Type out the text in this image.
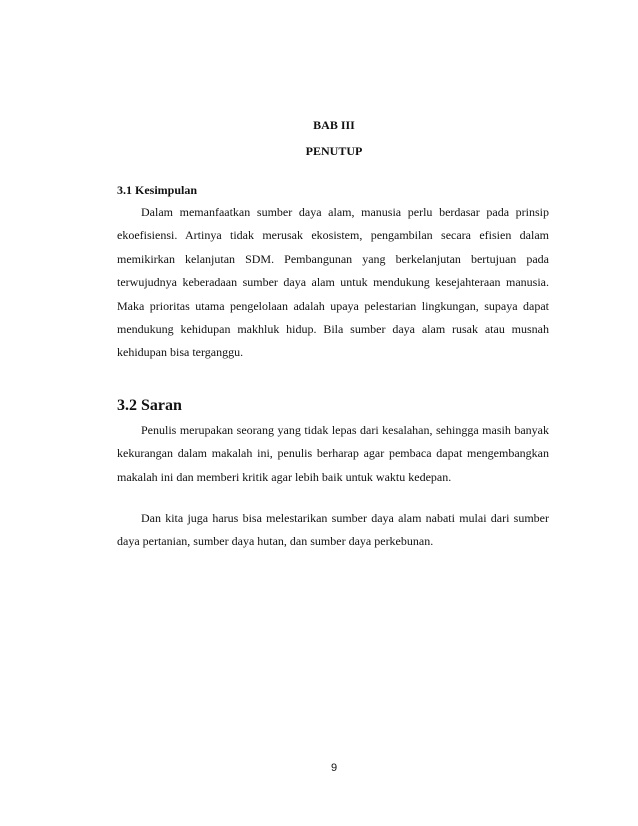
BAB III
PENUTUP
3.1 Kesimpulan

Dalam memanfaatkan sumber daya alam, manusia perlu berdasar pada prinsip ekoefisiensi. Artinya tidak merusak ekosistem, pengambilan secara efisien dalam memikirkan kelanjutan SDM. Pembangunan yang berkelanjutan bertujuan pada terwujudnya keberadaan sumber daya alam untuk mendukung kesejahteraan manusia. Maka prioritas utama pengelolaan adalah upaya pelestarian lingkungan, supaya dapat mendukung kehidupan makhluk hidup. Bila sumber daya alam rusak atau musnah kehidupan bisa terganggu.

3.2 Saran

Penulis merupakan seorang yang tidak lepas dari kesalahan, sehingga masih banyak kekurangan dalam makalah ini, penulis berharap agar pembaca dapat mengembangkan makalah ini dan memberi kritik agar lebih baik untuk waktu kedepan.

Dan kita juga harus bisa melestarikan sumber daya alam nabati mulai dari sumber daya pertanian, sumber daya hutan, dan sumber daya perkebunan.

9
